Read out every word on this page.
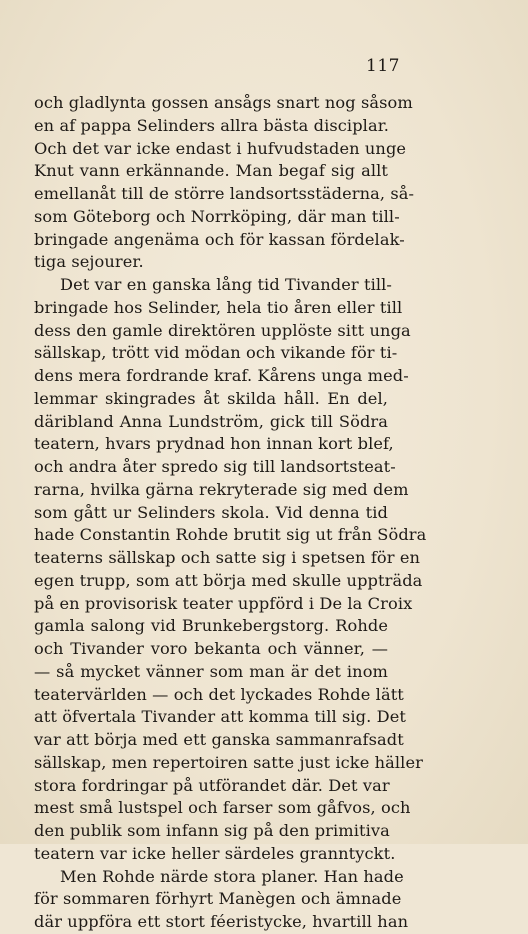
117
och gladlynta gossen ansågs snart nog såsom
en af pappa Selinders allra bästa disciplar.
Och det var icke endast i hufvudstaden unge
Knut vann erkännande. Man begaf sig allt
emellanåt till de större landsortsstäderna, så-
som Göteborg och Norrköping, där man till-
bringade angenäma och för kassan fördelak-
tiga sejourer.
Det var en ganska lång tid Tivander till-
bringade hos Selinder, hela tio åren eller till
dess den gamle direktören upplöste sitt unga
sällskap, trött vid mödan och vikande för ti-
dens mera fordrande kraf. Kårens unga med-
lemmar skingrades åt skilda håll. En del,
däribland Anna Lundström, gick till Södra
teatern, hvars prydnad hon innan kort blef,
och andra åter spredo sig till landsortsteat-
rarna, hvilka gärna rekryterade sig med dem
som gått ur Selinders skola. Vid denna tid
hade Constantin Rohde brutit sig ut från Södra
teaterns sällskap och satte sig i spetsen för en
egen trupp, som att börja med skulle uppträda
på en provisorisk teater uppförd i De la Croix
gamla salong vid Brunkebergstorg. Rohde
och Tivander voro bekanta och vänner, —
— så mycket vänner som man är det inom
teatervärlden — och det lyckades Rohde lätt
att öfvertala Tivander att komma till sig. Det
var att börja med ett ganska sammanrafsadt
sällskap, men repertoiren satte just icke häller
stora fordringar på utförandet där. Det var
mest små lustspel och farser som gåfvos, och
den publik som infann sig på den primitiva
teatern var icke heller särdeles granntyckt.
Men Rohde närde stora planer. Han hade
för sommaren förhyrt Manègen och ämnade
där uppföra ett stort féeristycke, hvartill han
